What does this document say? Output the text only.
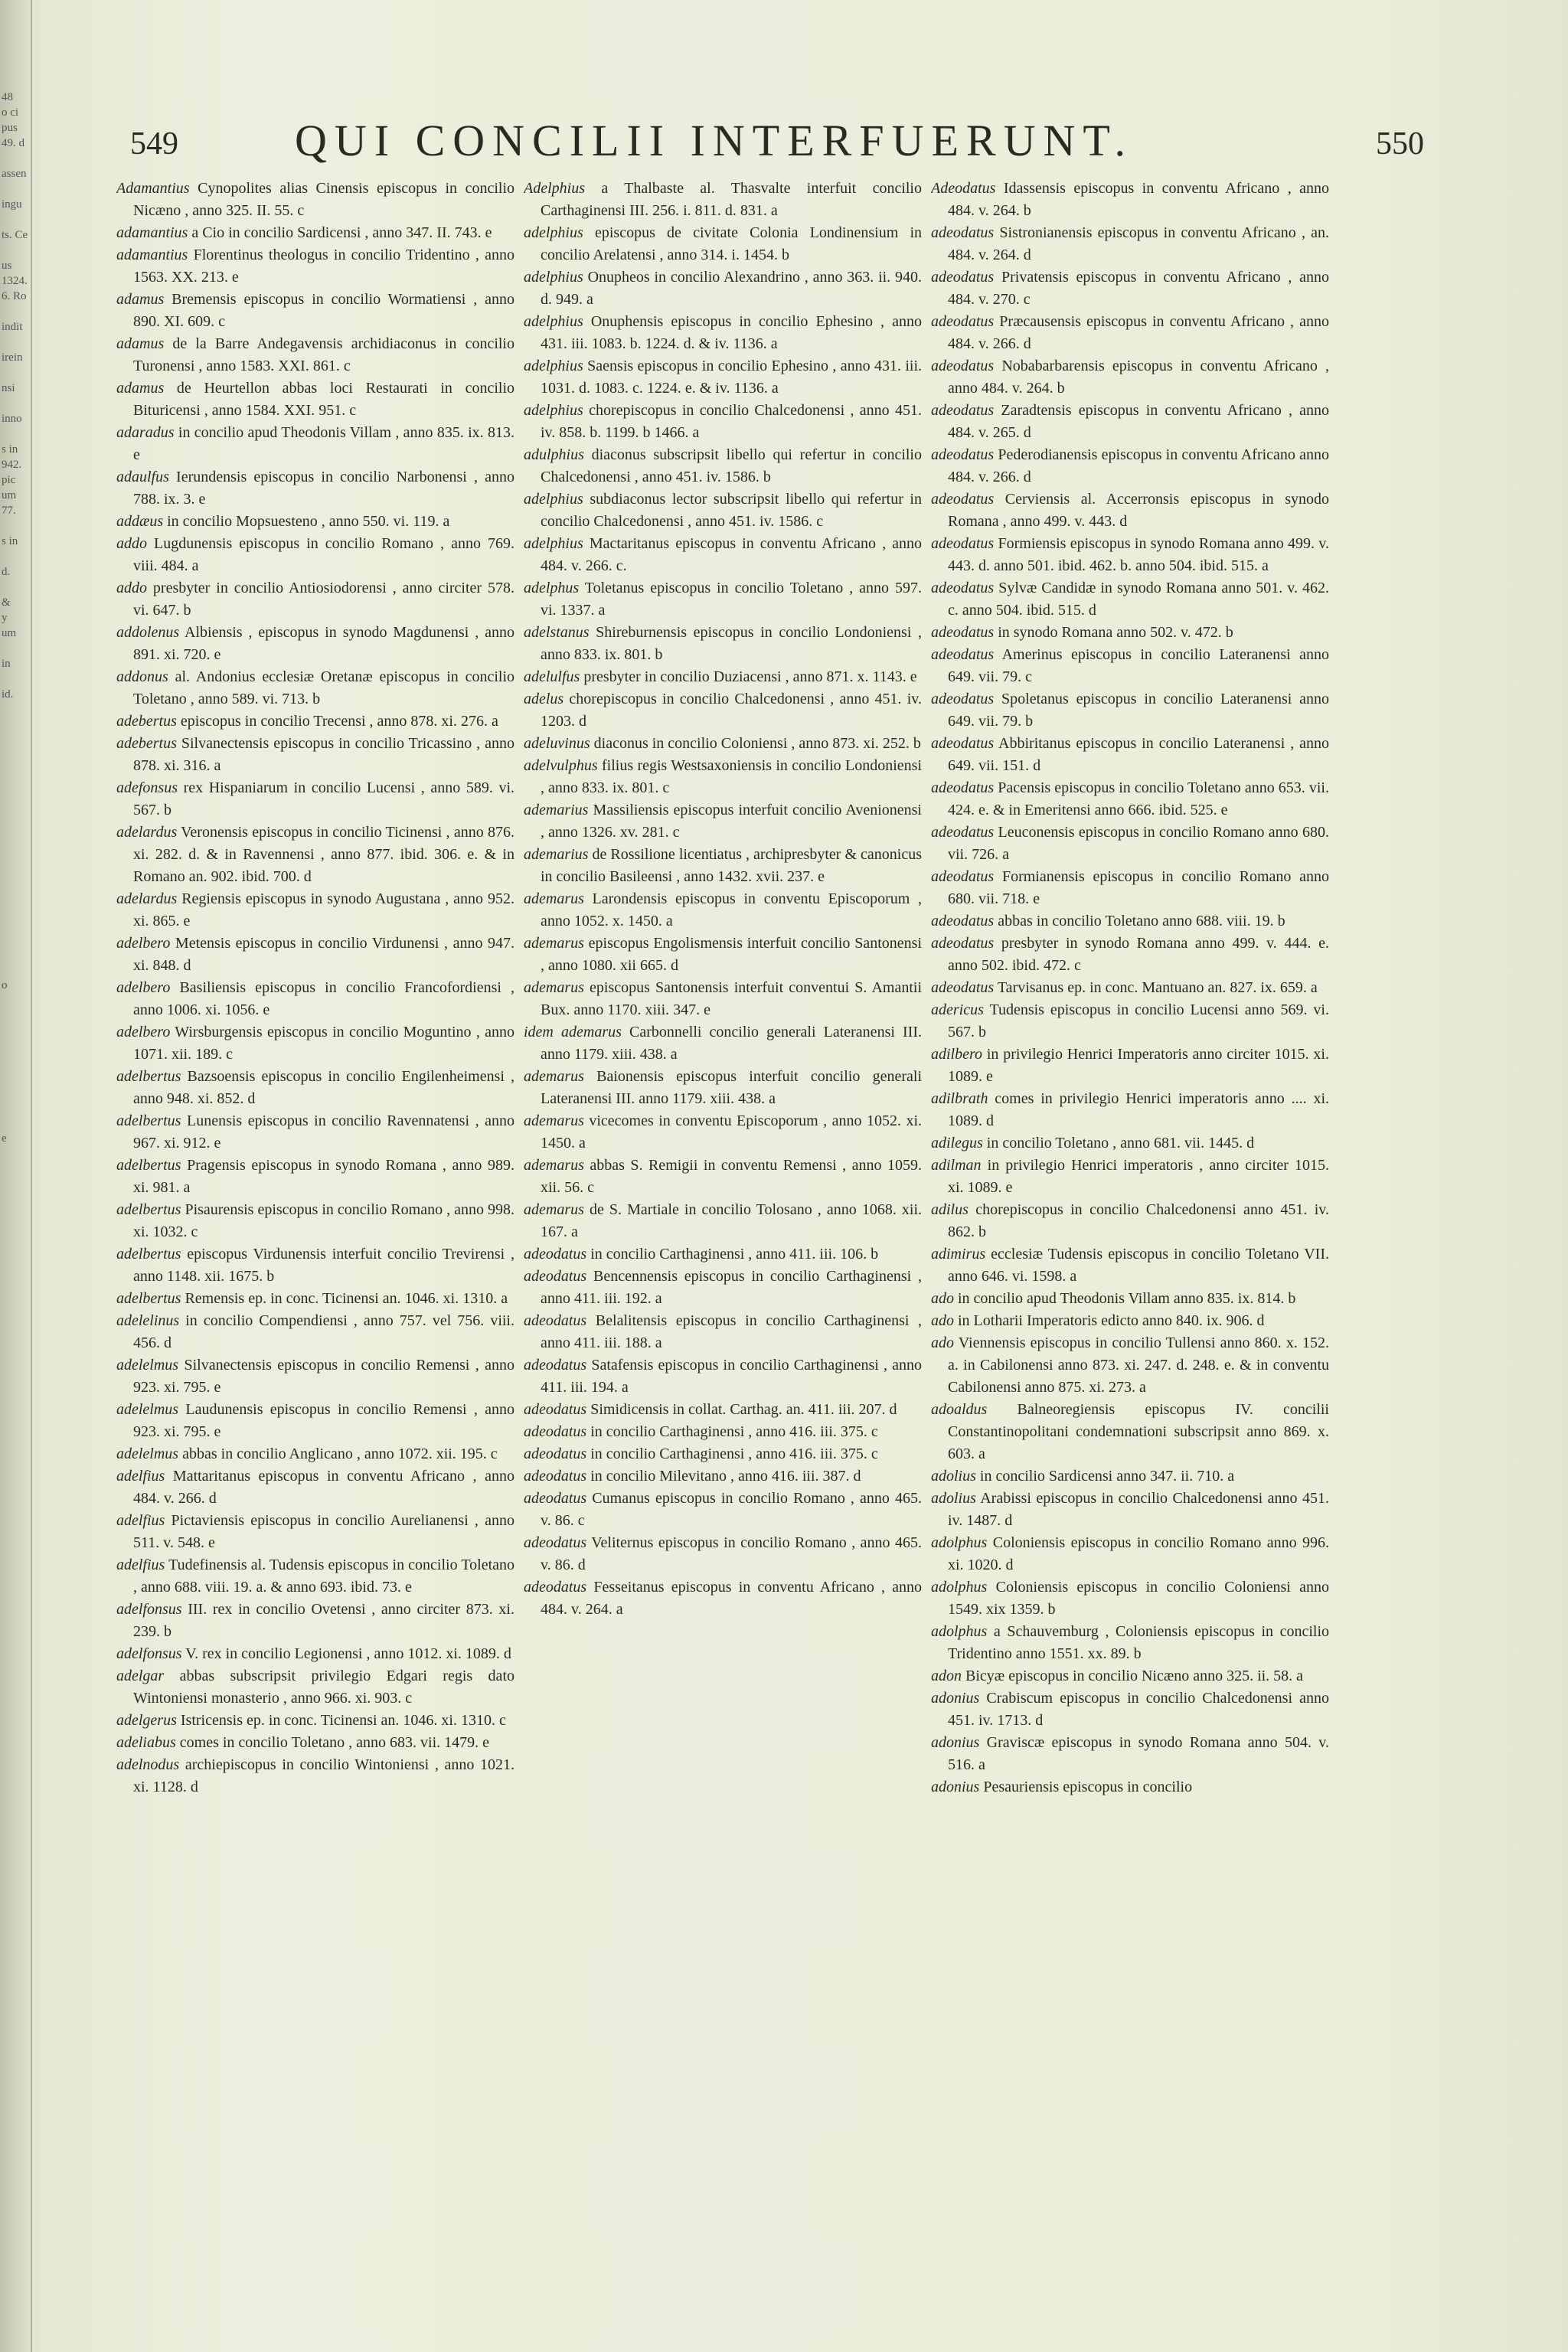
48
o ci
pus
49. d
assen
ingu
ts. Ce
us
1324.
6. Ro
indit
irein
nsi
inno
s in
942.
pic
um
77.
s in
d.
&
y
um
in
id.
o
e
549	QUI CONCILII INTERFUERUNT.	550

Adamantius Cynopolites alias Cinensis episcopus in concilio Nicæno , anno 325. II. 55. c

adamantius a Cio in concilio Sardicensi , anno 347. II. 743. e

adamantius Florentinus theologus in concilio Tridentino , anno 1563. XX. 213. e

adamus Bremensis episcopus in concilio Wormatiensi , anno 890. XI. 609. c

adamus de la Barre Andegavensis archidiaconus in concilio Turonensi , anno 1583. XXI. 861. c

adamus de Heurtellon abbas loci Restaurati in concilio Bituricensi , anno 1584. XXI. 951. c

adaradus in concilio apud Theodonis Villam , anno 835. ix. 813. e

adaulfus Ierundensis episcopus in concilio Narbonensi , anno 788. ix. 3. e

addæus in concilio Mopsuesteno , anno 550. vi. 119. a

addo Lugdunensis episcopus in concilio Romano , anno 769. viii. 484. a

addo presbyter in concilio Antiosiodorensi , anno circiter 578. vi. 647. b

addolenus Albiensis , episcopus in synodo Magdunensi , anno 891. xi. 720. e

addonus al. Andonius ecclesiæ Oretanæ episcopus in concilio Toletano , anno 589. vi. 713. b

adebertus episcopus in concilio Trecensi , anno 878. xi. 276. a

adebertus Silvanectensis episcopus in concilio Tricassino , anno 878. xi. 316. a

adefonsus rex Hispaniarum in concilio Lucensi , anno 589. vi. 567. b

adelardus Veronensis episcopus in concilio Ticinensi , anno 876. xi. 282. d. & in Ravennensi , anno 877. ibid. 306. e. & in Romano an. 902. ibid. 700. d

adelardus Regiensis episcopus in synodo Augustana , anno 952. xi. 865. e

adelbero Metensis episcopus in concilio Virdunensi , anno 947. xi. 848. d

adelbero Basiliensis episcopus in concilio Francofordiensi , anno 1006. xi. 1056. e

adelbero Wirsburgensis episcopus in concilio Moguntino , anno 1071. xii. 189. c

adelbertus Bazsoensis episcopus in concilio Engilenheimensi , anno 948. xi. 852. d

adelbertus Lunensis episcopus in concilio Ravennatensi , anno 967. xi. 912. e

adelbertus Pragensis episcopus in synodo Romana , anno 989. xi. 981. a

adelbertus Pisaurensis episcopus in concilio Romano , anno 998. xi. 1032. c

adelbertus episcopus Virdunensis interfuit concilio Trevirensi , anno 1148. xii. 1675. b

adelbertus Remensis ep. in conc. Ticinensi an. 1046. xi. 1310. a

adelelinus in concilio Compendiensi , anno 757. vel 756. viii. 456. d

adelelmus Silvanectensis episcopus in concilio Remensi , anno 923. xi. 795. e

adelelmus Laudunensis episcopus in concilio Remensi , anno 923. xi. 795. e

adelelmus abbas in concilio Anglicano , anno 1072. xii. 195. c

adelfius Mattaritanus episcopus in conventu Africano , anno 484. v. 266. d

adelfius Pictaviensis episcopus in concilio Aurelianensi , anno 511. v. 548. e

adelfius Tudefinensis al. Tudensis episcopus in concilio Toletano , anno 688. viii. 19. a. & anno 693. ibid. 73. e

adelfonsus III. rex in concilio Ovetensi , anno circiter 873. xi. 239. b

adelfonsus V. rex in concilio Legionensi , anno 1012. xi. 1089. d

adelgar abbas subscripsit privilegio Edgari regis dato Wintoniensi monasterio , anno 966. xi. 903. c

adelgerus Istricensis ep. in conc. Ticinensi an. 1046. xi. 1310. c

adeliabus comes in concilio Toletano , anno 683. vii. 1479. e

adelnodus archiepiscopus in concilio Wintoniensi , anno 1021. xi. 1128. d

Adelphius a Thalbaste al. Thasvalte interfuit concilio Carthaginensi III. 256. i. 811. d. 831. a

adelphius episcopus de civitate Colonia Londinensium in concilio Arelatensi , anno 314. i. 1454. b

adelphius Onupheos in concilio Alexandrino , anno 363. ii. 940. d. 949. a

adelphius Onuphensis episcopus in concilio Ephesino , anno 431. iii. 1083. b. 1224. d. & iv. 1136. a

adelphius Saensis episcopus in concilio Ephesino , anno 431. iii. 1031. d. 1083. c. 1224. e. & iv. 1136. a

adelphius chorepiscopus in concilio Chalcedonensi , anno 451. iv. 858. b. 1199. b 1466. a

adulphius diaconus subscripsit libello qui refertur in concilio Chalcedonensi , anno 451. iv. 1586. b

adelphius subdiaconus lector subscripsit libello qui refertur in concilio Chalcedonensi , anno 451. iv. 1586. c

adelphius Mactaritanus episcopus in conventu Africano , anno 484. v. 266. c.

adelphus Toletanus episcopus in concilio Toletano , anno 597. vi. 1337. a

adelstanus Shireburnensis episcopus in concilio Londoniensi , anno 833. ix. 801. b

adelulfus presbyter in concilio Duziacensi , anno 871. x. 1143. e

adelus chorepiscopus in concilio Chalcedonensi , anno 451. iv. 1203. d

adeluvinus diaconus in concilio Coloniensi , anno 873. xi. 252. b

adelvulphus filius regis Westsaxoniensis in concilio Londoniensi , anno 833. ix. 801. c

ademarius Massiliensis episcopus interfuit concilio Avenionensi , anno 1326. xv. 281. c

ademarius de Rossilione licentiatus , archipresbyter & canonicus in concilio Basileensi , anno 1432. xvii. 237. e

ademarus Larondensis episcopus in conventu Episcoporum , anno 1052. x. 1450. a

ademarus episcopus Engolismensis interfuit concilio Santonensi , anno 1080. xii 665. d

ademarus episcopus Santonensis interfuit conventui S. Amantii Bux. anno 1170. xiii. 347. e

idem ademarus Carbonnelli concilio generali Lateranensi III. anno 1179. xiii. 438. a

ademarus Baionensis episcopus interfuit concilio generali Lateranensi III. anno 1179. xiii. 438. a

ademarus vicecomes in conventu Episcoporum , anno 1052. xi. 1450. a

ademarus abbas S. Remigii in conventu Remensi , anno 1059. xii. 56. c

ademarus de S. Martiale in concilio Tolosano , anno 1068. xii. 167. a

adeodatus in concilio Carthaginensi , anno 411. iii. 106. b

adeodatus Bencennensis episcopus in concilio Carthaginensi , anno 411. iii. 192. a

adeodatus Belalitensis episcopus in concilio Carthaginensi , anno 411. iii. 188. a

adeodatus Satafensis episcopus in concilio Carthaginensi , anno 411. iii. 194. a

adeodatus Simidicensis in collat. Carthag. an. 411. iii. 207. d

adeodatus in concilio Carthaginensi , anno 416. iii. 375. c

adeodatus in concilio Carthaginensi , anno 416. iii. 375. c

adeodatus in concilio Milevitano , anno 416. iii. 387. d

adeodatus Cumanus episcopus in concilio Romano , anno 465. v. 86. c

adeodatus Veliternus episcopus in concilio Romano , anno 465. v. 86. d

adeodatus Fesseitanus episcopus in conventu Africano , anno 484. v. 264. a

Adeodatus Idassensis episcopus in conventu Africano , anno 484. v. 264. b

adeodatus Sistronianensis episcopus in conventu Africano , an. 484. v. 264. d

adeodatus Privatensis episcopus in conventu Africano , anno 484. v. 270. c

adeodatus Præcausensis episcopus in conventu Africano , anno 484. v. 266. d

adeodatus Nobabarbarensis episcopus in conventu Africano , anno 484. v. 264. b

adeodatus Zaradtensis episcopus in conventu Africano , anno 484. v. 265. d

adeodatus Pederodianensis episcopus in conventu Africano anno 484. v. 266. d

adeodatus Cerviensis al. Accerronsis episcopus in synodo Romana , anno 499. v. 443. d

adeodatus Formiensis episcopus in synodo Romana anno 499. v. 443. d. anno 501. ibid. 462. b. anno 504. ibid. 515. a

adeodatus Sylvæ Candidæ in synodo Romana anno 501. v. 462. c. anno 504. ibid. 515. d

adeodatus in synodo Romana anno 502. v. 472. b

adeodatus Amerinus episcopus in concilio Lateranensi anno 649. vii. 79. c

adeodatus Spoletanus episcopus in concilio Lateranensi anno 649. vii. 79. b

adeodatus Abbiritanus episcopus in concilio Lateranensi , anno 649. vii. 151. d

adeodatus Pacensis episcopus in concilio Toletano anno 653. vii. 424. e. & in Emeritensi anno 666. ibid. 525. e

adeodatus Leuconensis episcopus in concilio Romano anno 680. vii. 726. a

adeodatus Formianensis episcopus in concilio Romano anno 680. vii. 718. e

adeodatus abbas in concilio Toletano anno 688. viii. 19. b

adeodatus presbyter in synodo Romana anno 499. v. 444. e. anno 502. ibid. 472. c

adeodatus Tarvisanus ep. in conc. Mantuano an. 827. ix. 659. a

adericus Tudensis episcopus in concilio Lucensi anno 569. vi. 567. b

adilbero in privilegio Henrici Imperatoris anno circiter 1015. xi. 1089. e

adilbrath comes in privilegio Henrici imperatoris anno .... xi. 1089. d

adilegus in concilio Toletano , anno 681. vii. 1445. d

adilman in privilegio Henrici imperatoris , anno circiter 1015. xi. 1089. e

adilus chorepiscopus in concilio Chalcedonensi anno 451. iv. 862. b

adimirus ecclesiæ Tudensis episcopus in concilio Toletano VII. anno 646. vi. 1598. a

ado in concilio apud Theodonis Villam anno 835. ix. 814. b

ado in Lotharii Imperatoris edicto anno 840. ix. 906. d

ado Viennensis episcopus in concilio Tullensi anno 860. x. 152. a. in Cabilonensi anno 873. xi. 247. d. 248. e. & in conventu Cabilonensi anno 875. xi. 273. a

adoaldus Balneoregiensis episcopus IV. concilii Constantinopolitani condemnationi subscripsit anno 869. x. 603. a

adolius in concilio Sardicensi anno 347. ii. 710. a

adolius Arabissi episcopus in concilio Chalcedonensi anno 451. iv. 1487. d

adolphus Coloniensis episcopus in concilio Romano anno 996. xi. 1020. d

adolphus Coloniensis episcopus in concilio Coloniensi anno 1549. xix 1359. b

adolphus a Schauvemburg , Coloniensis episcopus in concilio Tridentino anno 1551. xx. 89. b

adon Bicyæ episcopus in concilio Nicæno anno 325. ii. 58. a

adonius Crabiscum episcopus in concilio Chalcedonensi anno 451. iv. 1713. d

adonius Graviscæ episcopus in synodo Romana anno 504. v. 516. a

adonius Pesauriensis episcopus in concilio
